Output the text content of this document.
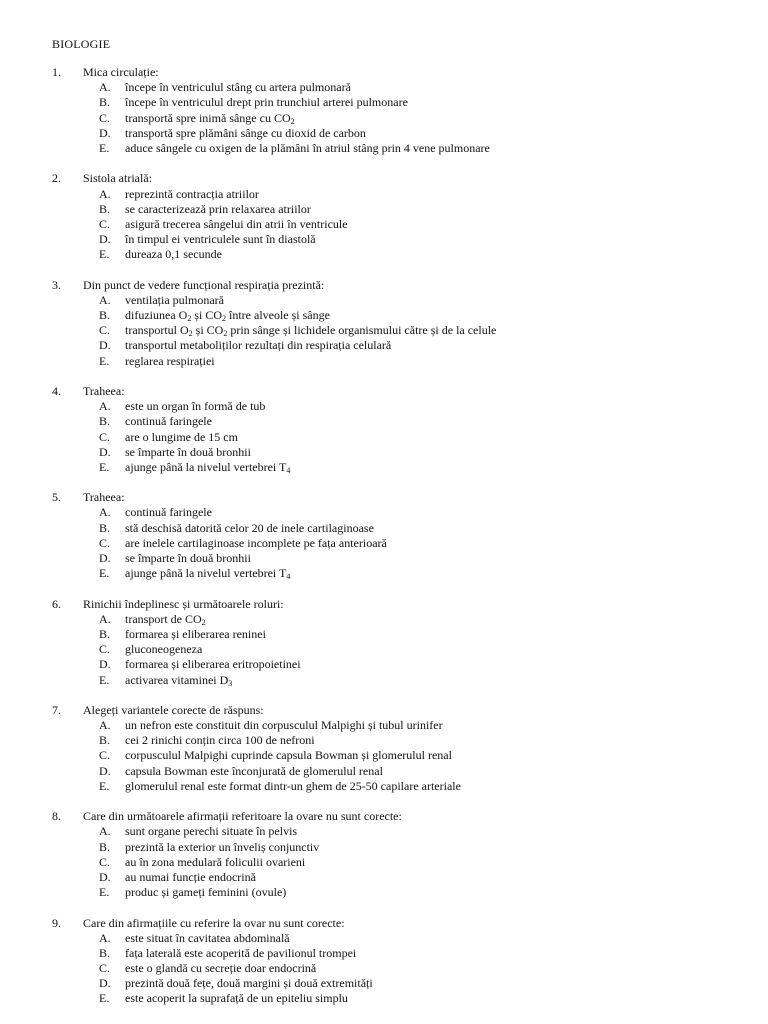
BIOLOGIE
1. Mica circulație:
A. începe în ventriculul stâng cu artera pulmonară
B. începe în ventriculul drept prin trunchiul arterei pulmonare
C. transportă spre inimă sânge cu $CO_2$
D. transportă spre plămâni sânge cu dioxid de carbon
E. aduce sângele cu oxigen de la plămâni în atriul stâng prin 4 vene pulmonare
2. Sistola atrială:
A. reprezintă contracția atriilor
B. se caracterizează prin relaxarea atriilor
C. asigură trecerea sângelui din atrii în ventricule
D. în timpul ei ventriculele sunt în diastolă
E. dureaza 0,1 secunde
3. Din punct de vedere funcțional respirația prezintă:
A. ventilația pulmonară
B. difuziunea $O_2$ și $CO_2$ între alveole și sânge
C. transportul $O_2$ și $CO_2$ prin sânge și lichidele organismului către și de la celule
D. transportul metaboliților rezultați din respirația celulară
E. reglarea respirației
4. Traheea:
A. este un organ în formă de tub
B. continuă faringele
C. are o lungime de 15 cm
D. se împarte în două bronhii
E. ajunge până la nivelul vertebrei $T_4$
5. Traheea:
A. continuă faringele
B. stă deschisă datorită celor 20 de inele cartilaginoase
C. are inelele cartilaginoase incomplete pe fața anterioară
D. se împarte în două bronhii
E. ajunge până la nivelul vertebrei $T_4$
6. Rinichii îndeplinesc și următoarele roluri:
A. transport de $CO_2$
B. formarea și eliberarea reninei
C. gluconeogeneza
D. formarea și eliberarea eritropoietinei
E. activarea vitaminei $D_3$
7. Alegeți variantele corecte de răspuns:
A. un nefron este constituit din corpusculul Malpighi și tubul urinifer
B. cei 2 rinichi conțin circa 100 de nefroni
C. corpusculul Malpighi cuprinde capsula Bowman și glomerulul renal
D. capsula Bowman este înconjurată de glomerulul renal
E. glomerulul renal este format dintr-un ghem de 25-50 capilare arteriale
8. Care din următoarele afirmații referitoare la ovare nu sunt corecte:
A. sunt organe perechi situate în pelvis
B. prezintă la exterior un înveliș conjunctiv
C. au în zona medulară foliculii ovarieni
D. au numai funcție endocrină
E. produc și gameți feminini (ovule)
9. Care din afirmațiile cu referire la ovar nu sunt corecte:
A. este situat în cavitatea abdominală
B. fața laterală este acoperită de pavilionul trompei
C. este o glandă cu secreție doar endocrină
D. prezintă două fețe, două margini și două extremități
E. este acoperit la suprafață de un epiteliu simplu
